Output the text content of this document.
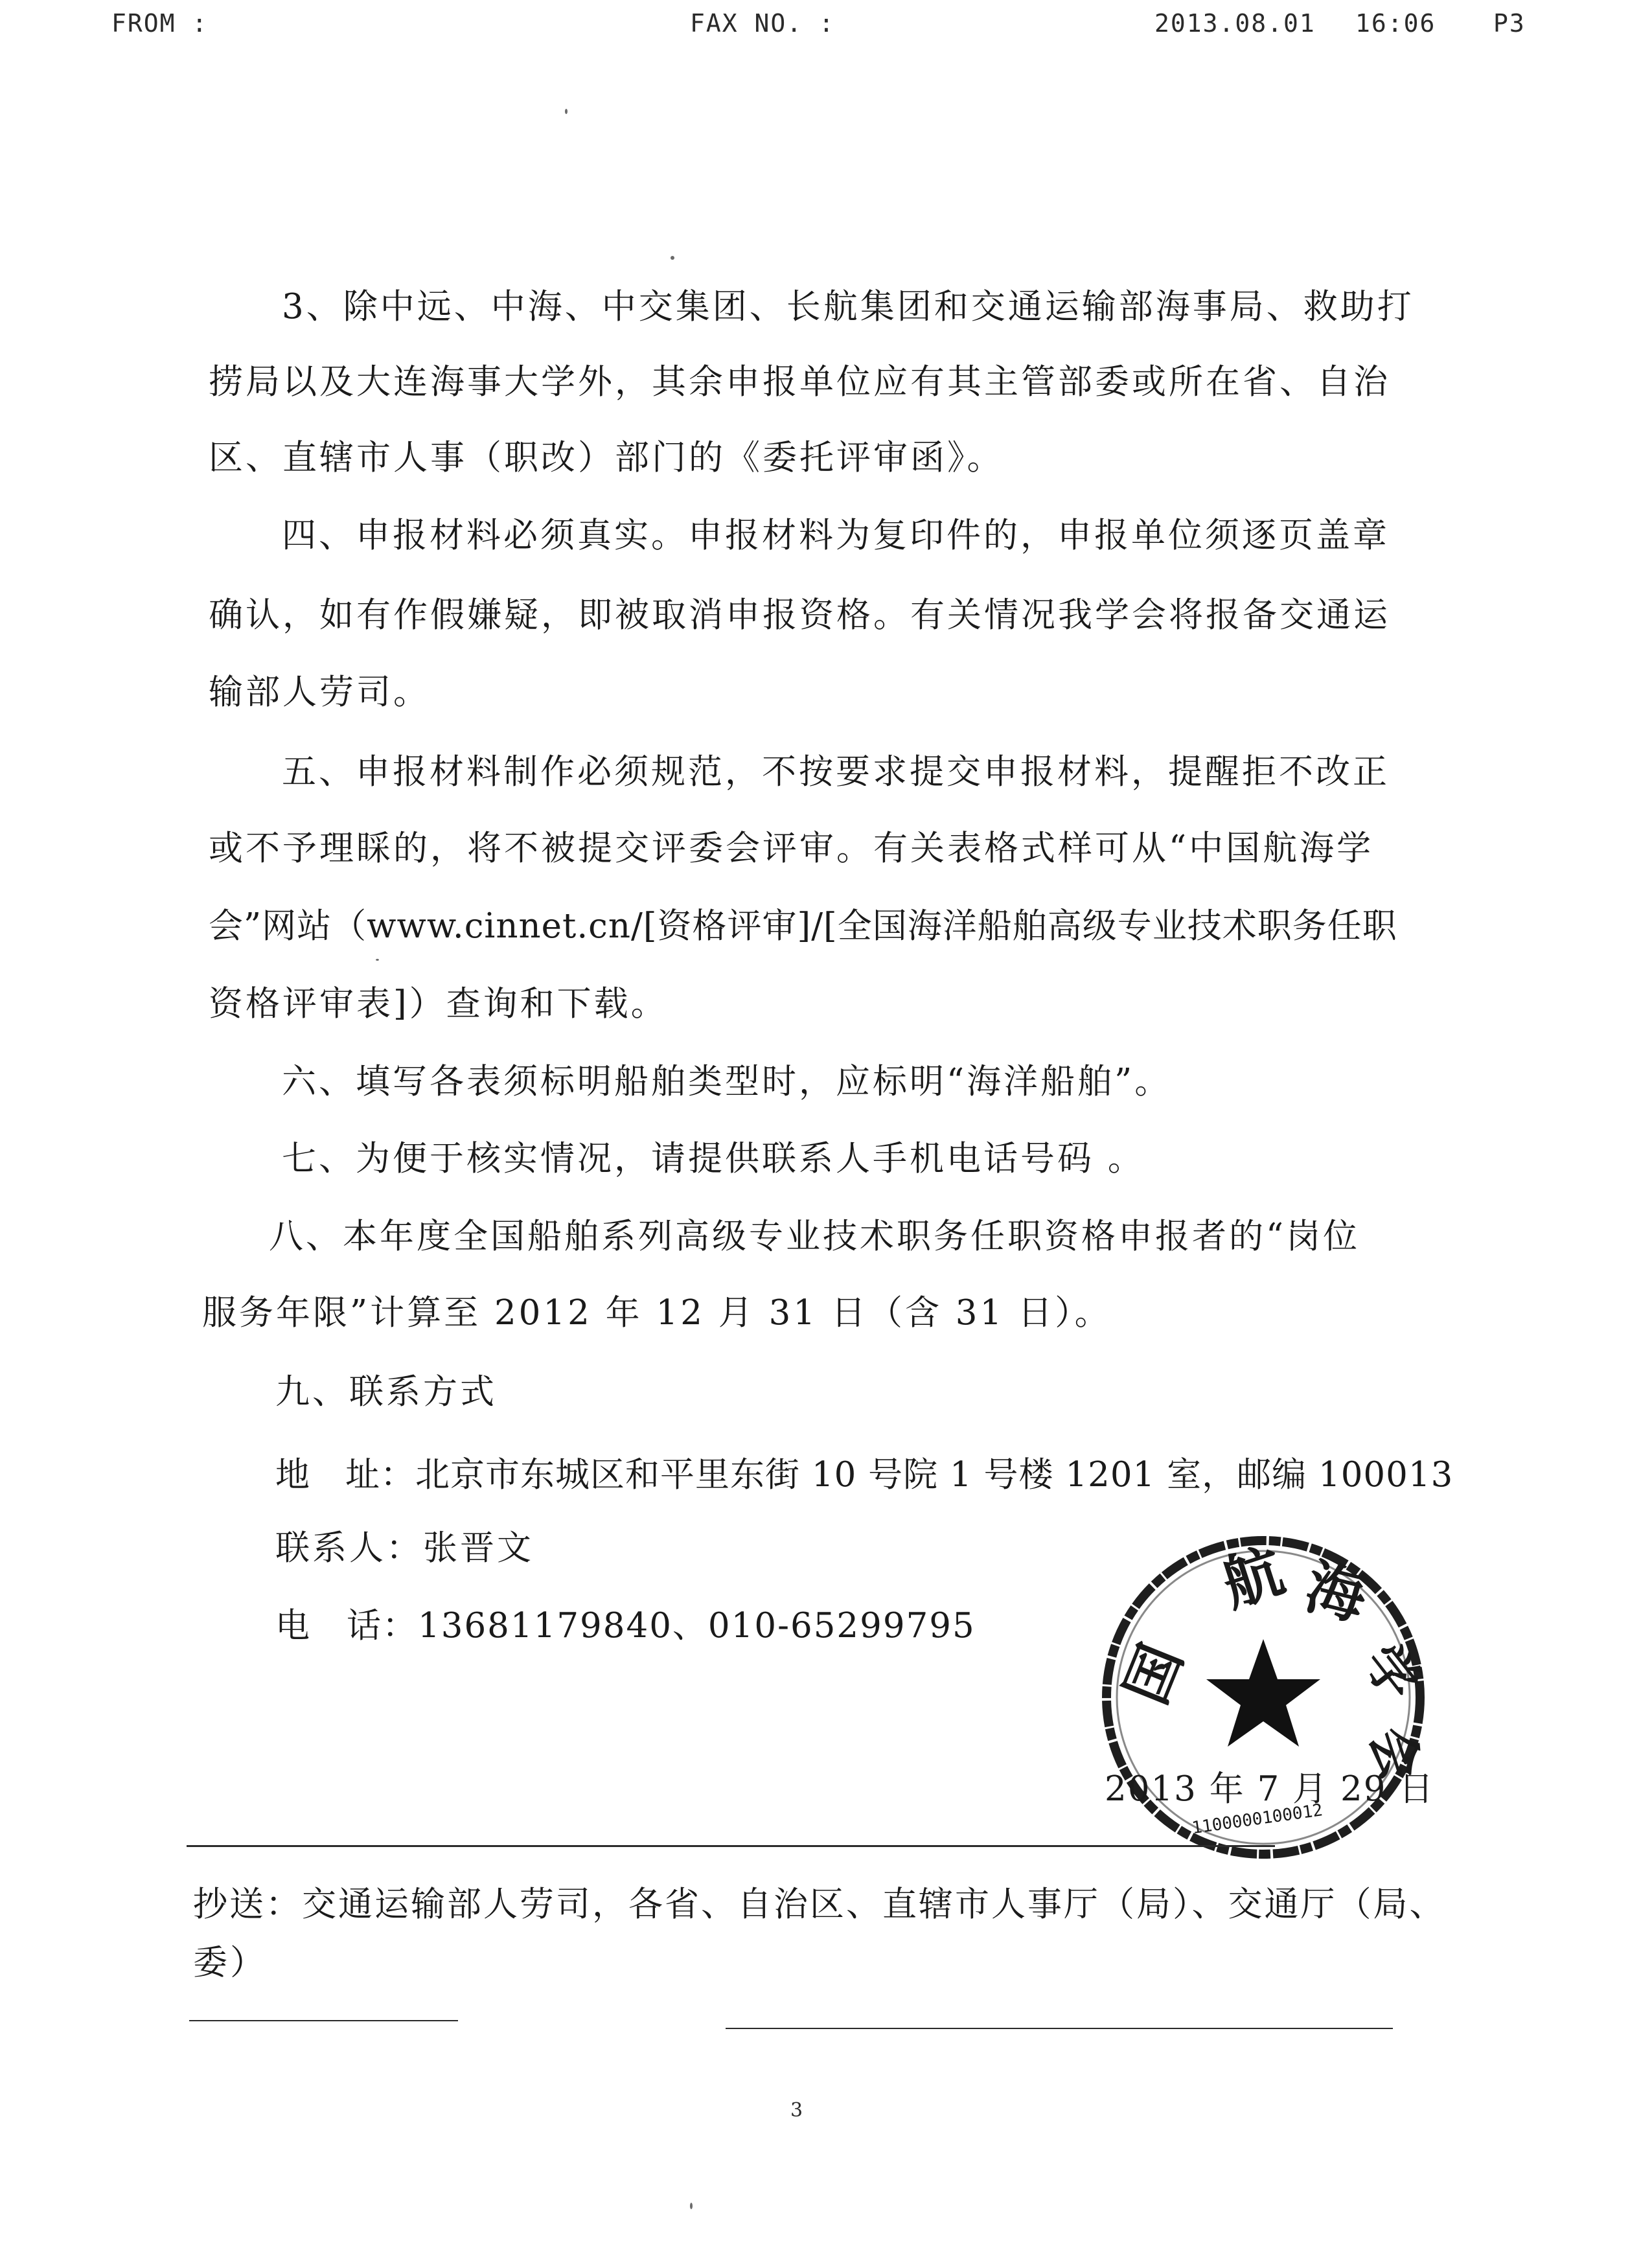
FROM :	FAX NO. :	2013.08.01 16:06 P3
3、除中远、中海、中交集团、长航集团和交通运输部海事局、救助打
捞局以及大连海事大学外，其余申报单位应有其主管部委或所在省、自治
区、直辖市人事（职改）部门的《委托评审函》。
四、申报材料必须真实。申报材料为复印件的，申报单位须逐页盖章
确认，如有作假嫌疑，即被取消申报资格。有关情况我学会将报备交通运
输部人劳司。
五、申报材料制作必须规范，不按要求提交申报材料，提醒拒不改正
或不予理睬的，将不被提交评委会评审。有关表格式样可从“中国航海学
会”网站（www.cinnet.cn/[资格评审]/[全国海洋船舶高级专业技术职务任职
资格评审表]）查询和下载。
六、填写各表须标明船舶类型时，应标明“海洋船舶”。
七、为便于核实情况，请提供联系人手机电话号码 。
八、本年度全国船舶系列高级专业技术职务任职资格申报者的“岗位
服务年限”计算至 2012 年 12 月 31 日（含 31 日）。
九、联系方式
地　址：北京市东城区和平里东街 10 号院 1 号楼 1201 室，邮编 100013
联系人：张晋文
电　话：13681179840、010-65299795
航 海
国	学
会
1100000100012
2013 年 7 月 29 日
抄送：交通运输部人劳司，各省、自治区、直辖市人事厅（局）、交通厅（局、
委）
3
